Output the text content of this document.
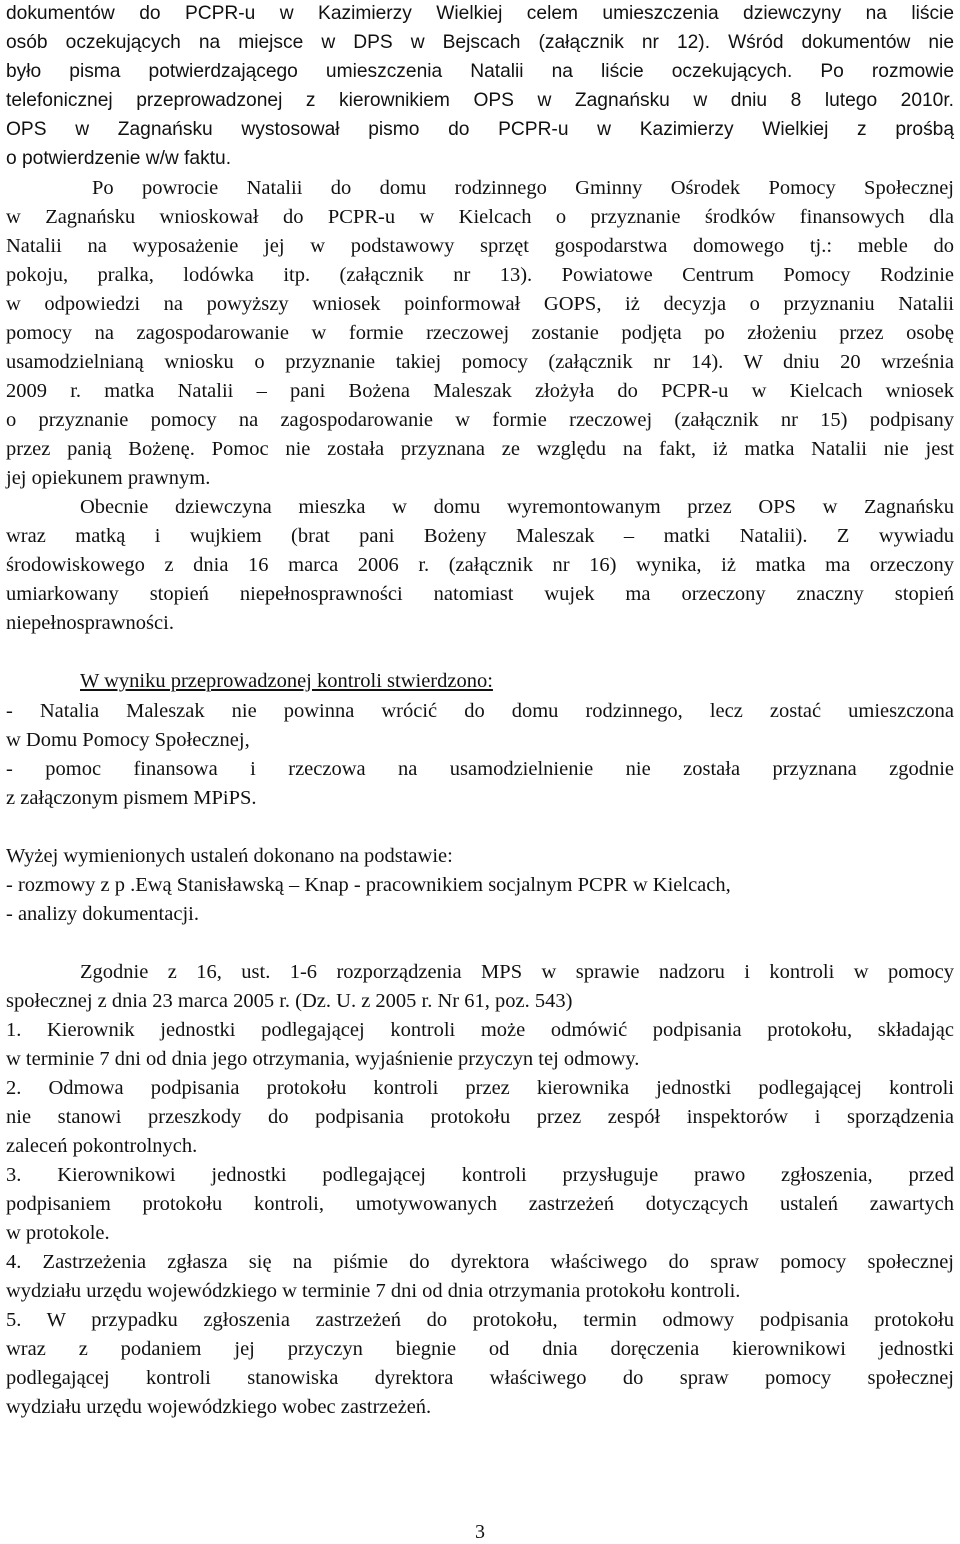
dokumentów do PCPR-u w Kazimierzy Wielkiej celem umieszczenia dziewczyny na liście
osób oczekujących na miejsce w DPS w Bejscach (załącznik nr 12). Wśród dokumentów nie
było pisma potwierdzającego umieszczenia Natalii na liście oczekujących. Po rozmowie
telefonicznej przeprowadzonej z kierownikiem OPS w Zagnańsku w dniu 8 lutego 2010r.
OPS w Zagnańsku wystosował pismo do PCPR-u w Kazimierzy Wielkiej z prośbą
o potwierdzenie w/w faktu.
Po powrocie Natalii do domu rodzinnego Gminny Ośrodek Pomocy Społecznej
w Zagnańsku wnioskował do PCPR-u w Kielcach o przyznanie środków finansowych dla
Natalii na wyposażenie jej w podstawowy sprzęt gospodarstwa domowego tj.: meble do
pokoju, pralka, lodówka itp. (załącznik nr 13). Powiatowe Centrum Pomocy Rodzinie
w odpowiedzi na powyższy wniosek poinformował GOPS, iż decyzja o przyznaniu Natalii
pomocy na zagospodarowanie w formie rzeczowej zostanie podjęta po złożeniu przez osobę
usamodzielnianą wniosku o przyznanie takiej pomocy (załącznik nr 14). W dniu 20 września
2009 r. matka Natalii – pani Bożena Maleszak złożyła do PCPR-u w Kielcach wniosek
o przyznanie pomocy na zagospodarowanie w formie rzeczowej (załącznik nr 15) podpisany
przez panią Bożenę. Pomoc nie została przyznana ze względu na fakt, iż matka Natalii nie jest
jej opiekunem prawnym.
Obecnie dziewczyna mieszka w domu wyremontowanym przez OPS w Zagnańsku
wraz matką i wujkiem (brat pani Bożeny Maleszak – matki Natalii). Z wywiadu
środowiskowego z dnia 16 marca 2006 r. (załącznik nr 16) wynika, iż matka ma orzeczony
umiarkowany stopień niepełnosprawności natomiast wujek ma orzeczony znaczny stopień
niepełnosprawności.
W wyniku przeprowadzonej kontroli stwierdzono:
- Natalia Maleszak nie powinna wrócić do domu rodzinnego, lecz zostać umieszczona
w Domu Pomocy Społecznej,
- pomoc finansowa i rzeczowa na usamodzielnienie nie została przyznana zgodnie
z załączonym pismem MPiPS.
Wyżej wymienionych ustaleń dokonano na podstawie:
- rozmowy z p .Ewą Stanisławską – Knap - pracownikiem socjalnym PCPR w Kielcach,
- analizy dokumentacji.
Zgodnie z 16, ust. 1-6 rozporządzenia MPS w sprawie nadzoru i kontroli w pomocy
społecznej z dnia 23 marca 2005 r. (Dz. U. z 2005 r. Nr 61, poz. 543)
1. Kierownik jednostki podlegającej kontroli może odmówić podpisania protokołu, składając
w terminie 7 dni od dnia jego otrzymania, wyjaśnienie przyczyn tej odmowy.
2. Odmowa podpisania protokołu kontroli przez kierownika jednostki podlegającej kontroli
nie stanowi przeszkody do podpisania protokołu przez zespół inspektorów i sporządzenia
zaleceń pokontrolnych.
3. Kierownikowi jednostki podlegającej kontroli przysługuje prawo zgłoszenia, przed
podpisaniem protokołu kontroli, umotywowanych zastrzeżeń dotyczących ustaleń zawartych
w protokole.
4. Zastrzeżenia zgłasza się na piśmie do dyrektora właściwego do spraw pomocy społecznej
wydziału urzędu wojewódzkiego w terminie 7 dni od dnia otrzymania protokołu kontroli.
5. W przypadku zgłoszenia zastrzeżeń do protokołu, termin odmowy podpisania protokołu
wraz z podaniem jej przyczyn biegnie od dnia doręczenia kierownikowi jednostki
podlegającej kontroli stanowiska dyrektora właściwego do spraw pomocy społecznej
wydziału urzędu wojewódzkiego wobec zastrzeżeń.
3
